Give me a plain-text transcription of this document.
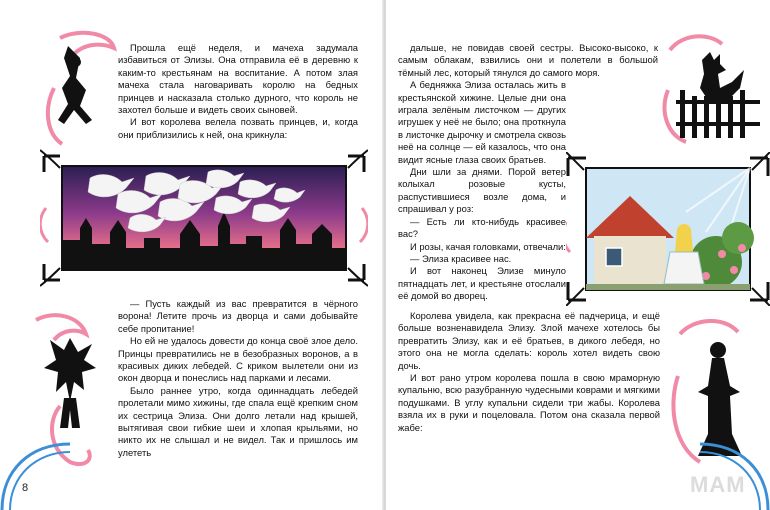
Прошла ещё неделя, и мачеха задумала избавиться от Элизы. Она отправила её в деревню к каким-то крестьянам на воспитание. А потом злая мачеха стала наговаривать королю на бедных принцев и насказала столько дурного, что король не захотел больше и видеть своих сыновей.

И вот королева велела позвать принцев, и, когда они приблизились к ней, она крикнула:

— Пусть каждый из вас превратится в чёрного ворона! Летите прочь из дворца и сами добывайте себе пропитание!

Но ей не удалось довести до конца своё злое дело. Принцы превратились не в безобразных воронов, а в красивых диких лебедей. С криком вылетели они из окон дворца и понеслись над парками и лесами.

Было раннее утро, когда одиннадцать лебедей пролетали мимо хижины, где спала ещё крепким сном их сестрица Элиза. Они долго летали над крышей, вытягивая свои гибкие шеи и хлопая крыльями, но никто их не слышал и не видел. Так и пришлось им улететь

8

дальше, не повидав своей сестры. Высоко-высоко, к самым облакам, взвились они и полетели в большой тёмный лес, который тянулся до самого моря.

А бедняжка Элиза осталась жить в крестьянской хижине. Целые дни она играла зелёным листочком — других игрушек у неё не было; она проткнула в листочке дырочку и смотрела сквозь неё на солнце — ей казалось, что она видит ясные глаза своих братьев.

Дни шли за днями. Порой ветер колыхал розовые кусты, распустившиеся возле дома, и спрашивал у роз:

— Есть ли кто-нибудь красивее вас?

И розы, качая головками, отвечали:

— Элиза красивее нас.

И вот наконец Элизе минуло пятнадцать лет, и крестьяне отослали её домой во дворец.

Королева увидела, как прекрасна её падчерица, и ещё больше возненавидела Элизу. Злой мачехе хотелось бы превратить Элизу, как и её братьев, в дикого лебедя, но этого она не могла сделать: король хотел видеть свою дочь.

И вот рано утром королева пошла в свою мраморную купальню, всю разубранную чудесными коврами и мягкими подушками. В углу купальни сидели три жабы. Королева взяла их в руки и поцеловала. Потом она сказала первой жабе:

МАМ
